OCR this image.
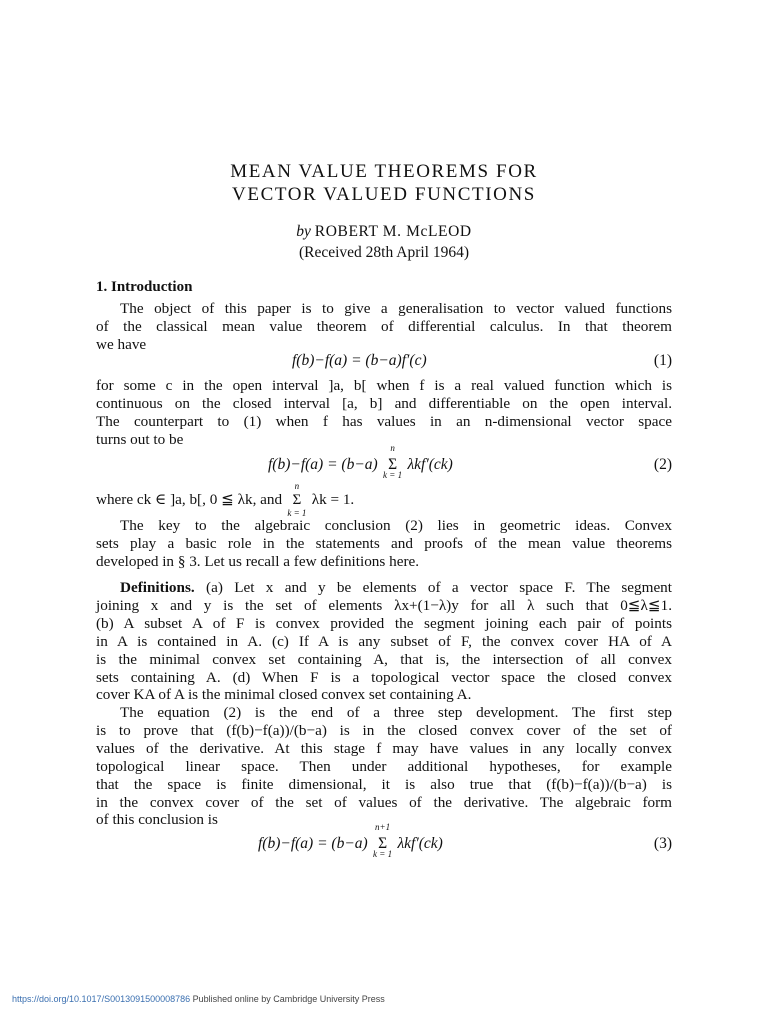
MEAN VALUE THEOREMS FOR
VECTOR VALUED FUNCTIONS
by ROBERT M. McLEOD
(Received 28th April 1964)
1. Introduction
The object of this paper is to give a generalisation to vector valued functions
of the classical mean value theorem of differential calculus. In that theorem
we have
f(b)−f(a) = (b−a)f′(c)	(1)
for some c in the open interval ]a, b[ when f is a real valued function which is
continuous on the closed interval [a, b] and differentiable on the open interval.
The counterpart to (1) when f has values in an n-dimensional vector space
turns out to be
f(b)−f(a) = (b−a) Σ
n
k = 1
λkf′(ck)	(2)
where ck ∈ ]a, b[, 0 ≦ λk, and Σ
n
k = 1
λk = 1.
The key to the algebraic conclusion (2) lies in geometric ideas. Convex
sets play a basic role in the statements and proofs of the mean value theorems
developed in § 3. Let us recall a few definitions here.
Definitions. (a) Let x and y be elements of a vector space F. The segment
joining x and y is the set of elements λx+(1−λ)y for all λ such that 0≦λ≦1.
(b) A subset A of F is convex provided the segment joining each pair of points
in A is contained in A. (c) If A is any subset of F, the convex cover HA of A
is the minimal convex set containing A, that is, the intersection of all convex
sets containing A. (d) When F is a topological vector space the closed convex
cover KA of A is the minimal closed convex set containing A.
The equation (2) is the end of a three step development. The first step
is to prove that (f(b)−f(a))/(b−a) is in the closed convex cover of the set of
values of the derivative. At this stage f may have values in any locally convex
topological linear space. Then under additional hypotheses, for example
that the space is finite dimensional, it is also true that (f(b)−f(a))/(b−a) is
in the convex cover of the set of values of the derivative. The algebraic form
of this conclusion is
f(b)−f(a) = (b−a) Σ
n+1
k = 1
λkf′(ck)	(3)
https://doi.org/10.1017/S0013091500008786 Published online by Cambridge University Press
